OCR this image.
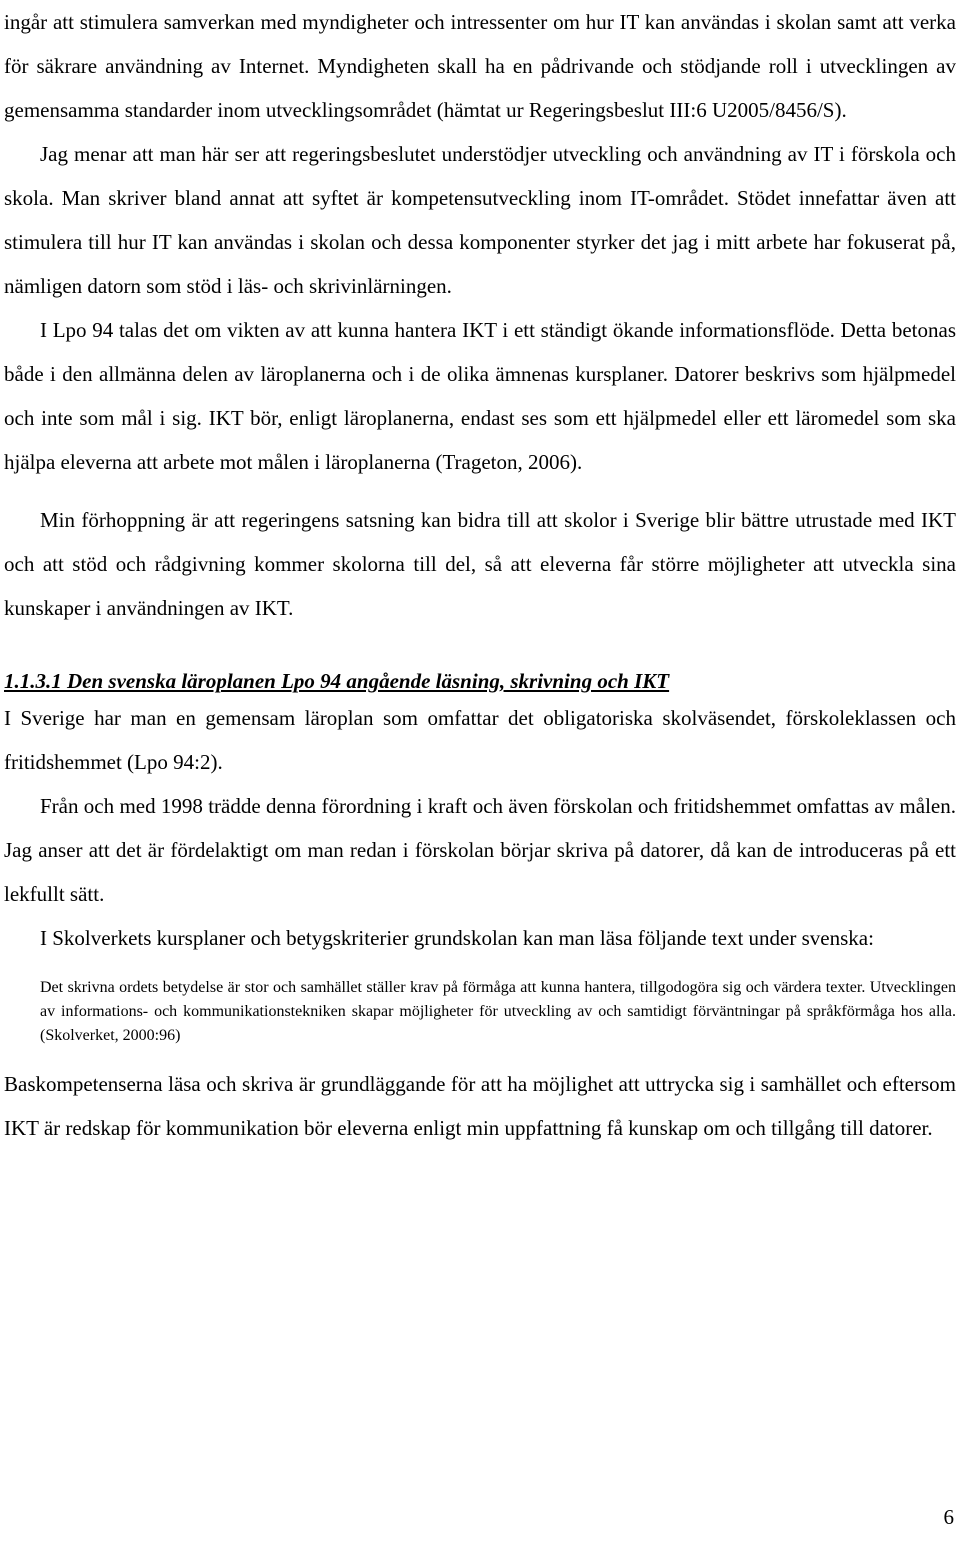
ingår att stimulera samverkan med myndigheter och intressenter om hur IT kan användas i skolan samt att verka för säkrare användning av Internet. Myndigheten skall ha en pådrivande och stödjande roll i utvecklingen av gemensamma standarder inom utvecklingsområdet (hämtat ur Regeringsbeslut III:6 U2005/8456/S).

Jag menar att man här ser att regeringsbeslutet understödjer utveckling och användning av IT i förskola och skola. Man skriver bland annat att syftet är kompetensutveckling inom IT-området. Stödet innefattar även att stimulera till hur IT kan användas i skolan och dessa komponenter styrker det jag i mitt arbete har fokuserat på, nämligen datorn som stöd i läs- och skrivinlärningen.

I Lpo 94 talas det om vikten av att kunna hantera IKT i ett ständigt ökande informationsflöde. Detta betonas både i den allmänna delen av läroplanerna och i de olika ämnenas kursplaner. Datorer beskrivs som hjälpmedel och inte som mål i sig. IKT bör, enligt läroplanerna, endast ses som ett hjälpmedel eller ett läromedel som ska hjälpa eleverna att arbete mot målen i läroplanerna (Trageton, 2006).

Min förhoppning är att regeringens satsning kan bidra till att skolor i Sverige blir bättre utrustade med IKT och att stöd och rådgivning kommer skolorna till del, så att eleverna får större möjligheter att utveckla sina kunskaper i användningen av IKT.

1.1.3.1 Den svenska läroplanen Lpo 94 angående läsning, skrivning och IKT

I Sverige har man en gemensam läroplan som omfattar det obligatoriska skolväsendet, förskoleklassen och fritidshemmet (Lpo 94:2).

Från och med 1998 trädde denna förordning i kraft och även förskolan och fritidshemmet omfattas av målen. Jag anser att det är fördelaktigt om man redan i förskolan börjar skriva på datorer, då kan de introduceras på ett lekfullt sätt.

I Skolverkets kursplaner och betygskriterier grundskolan kan man läsa följande text under svenska:

Det skrivna ordets betydelse är stor och samhället ställer krav på förmåga att kunna hantera, tillgodogöra sig och värdera texter. Utvecklingen av informations- och kommunikationstekniken skapar möjligheter för utveckling av och samtidigt förväntningar på språkförmåga hos alla. (Skolverket, 2000:96)

Baskompetenserna läsa och skriva är grundläggande för att ha möjlighet att uttrycka sig i samhället och eftersom IKT är redskap för kommunikation bör eleverna enligt min uppfattning få kunskap om och tillgång till datorer.

6
